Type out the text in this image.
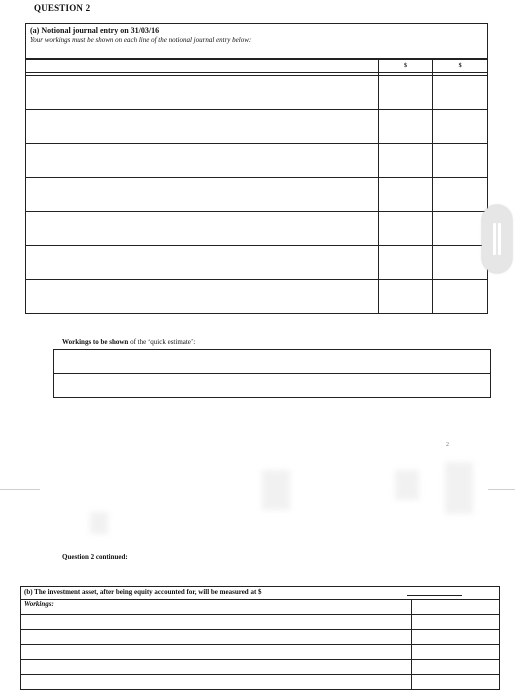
QUESTION 2
(a) Notional journal entry on 31/03/16
Your workings must be shown on each line of the notional journal entry below:
	$	$

Workings to be shown of the ‘quick estimate’:

2
Question 2 continued:
(b) The investment asset, after being equity accounted for, will be measured at $
Workings:	
